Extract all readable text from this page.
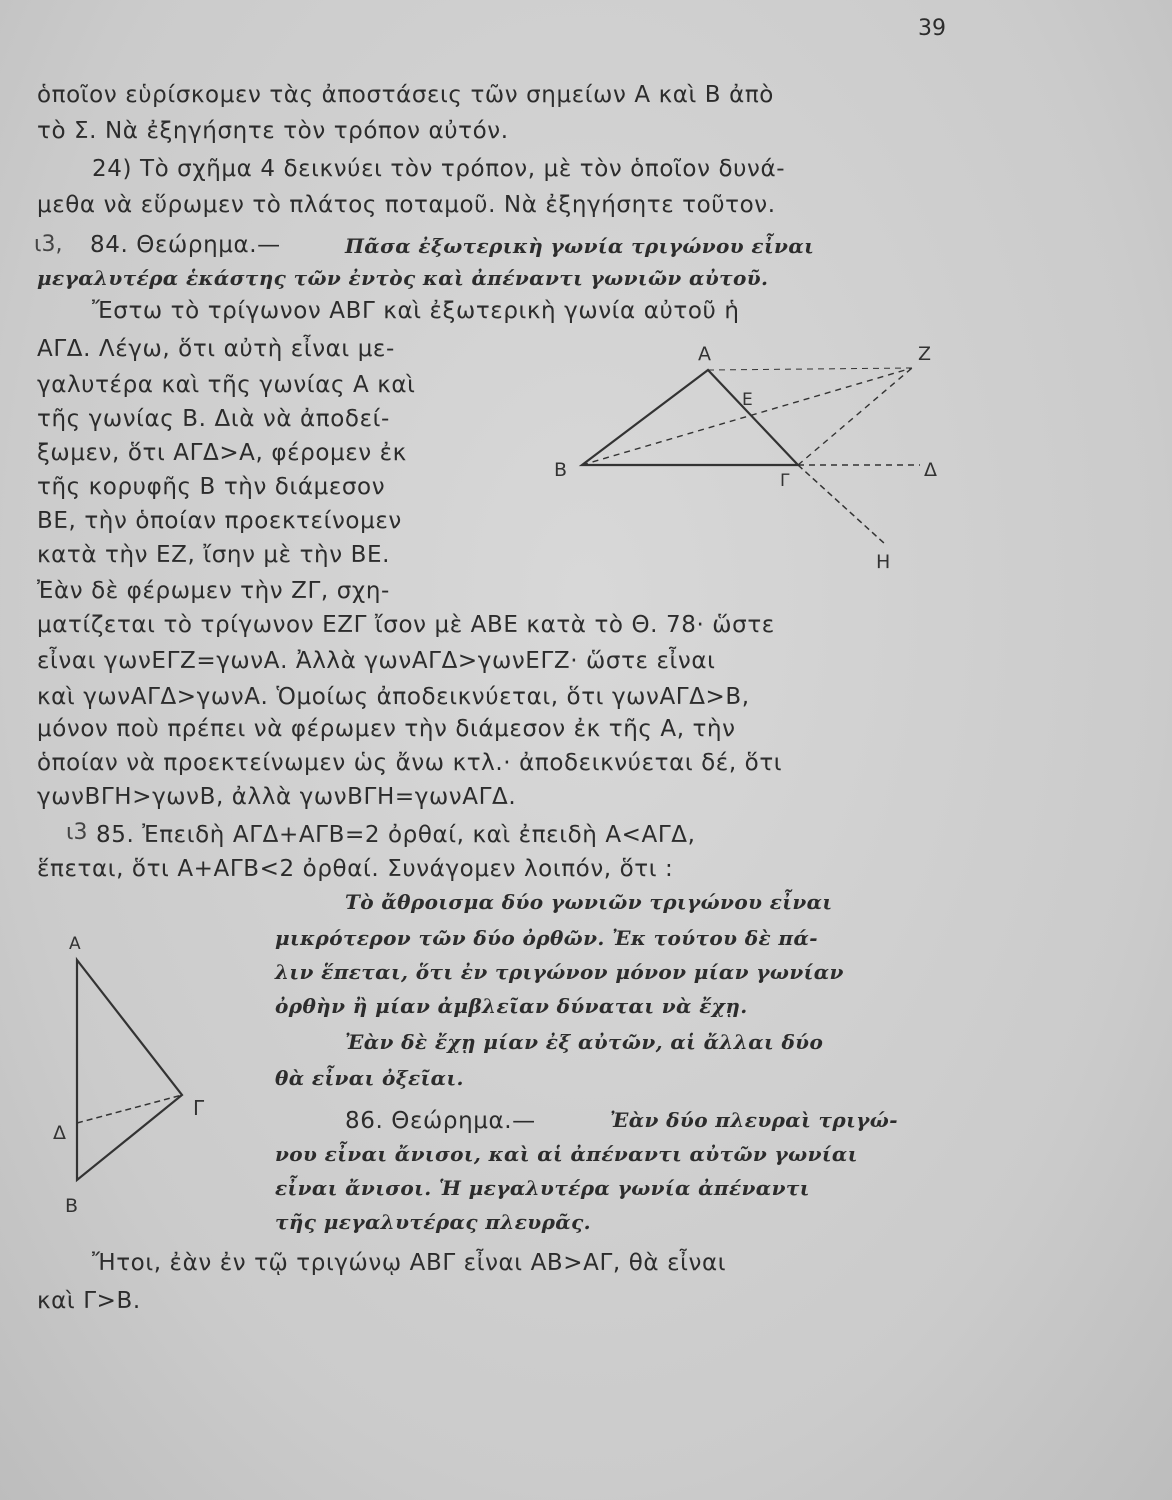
39
ι3,
ι3
ὁποῖον εὑρίσκομεν τὰς ἀποστάσεις τῶν σημείων Α καὶ Β ἀπὸ
τὸ Σ. Νὰ ἐξηγήσητε τὸν τρόπον αὐτόν.
24) Τὸ σχῆμα 4 δεικνύει τὸν τρόπον, μὲ τὸν ὁποῖον δυνά-
μεθα νὰ εὕρωμεν τὸ πλάτος ποταμοῦ. Νὰ ἐξηγήσητε τοῦτον.
84. Θεώρημα.—	Πᾶσα ἐξωτερικὴ γωνία τριγώνου εἶναι
μεγαλυτέρα ἑκάστης τῶν ἐντὸς καὶ ἀπέναντι γωνιῶν αὐτοῦ.
Ἔστω τὸ τρίγωνον ΑΒΓ καὶ ἐξωτερικὴ γωνία αὐτοῦ ἡ
ΑΓΔ. Λέγω, ὅτι αὐτὴ εἶναι με-
γαλυτέρα καὶ τῆς γωνίας Α καὶ
τῆς γωνίας Β. Διὰ νὰ ἀποδεί-
ξωμεν, ὅτι ΑΓΔ>Α, φέρομεν ἐκ
τῆς κορυφῆς Β τὴν διάμεσον
ΒΕ, τὴν ὁποίαν προεκτείνομεν
κατὰ τὴν ΕΖ, ἴσην μὲ τὴν ΒΕ.
Ἐὰν δὲ φέρωμεν τὴν ΖΓ, σχη-
ματίζεται τὸ τρίγωνον ΕΖΓ ἴσον μὲ ΑΒΕ κατὰ τὸ Θ. 78· ὥστε
εἶναι γωνΕΓΖ=γωνΑ. Ἀλλὰ γωνΑΓΔ>γωνΕΓΖ· ὥστε εἶναι
καὶ γωνΑΓΔ>γωνΑ. Ὁμοίως ἀποδεικνύεται, ὅτι γωνΑΓΔ>Β,
μόνον ποὺ πρέπει νὰ φέρωμεν τὴν διάμεσον ἐκ τῆς Α, τὴν
ὁποίαν νὰ προεκτείνωμεν ὡς ἄνω κτλ.· ἀποδεικνύεται δέ, ὅτι
γωνΒΓΗ>γωνΒ, ἀλλὰ γωνΒΓΗ=γωνΑΓΔ.
85. Ἐπειδὴ ΑΓΔ+ΑΓΒ=2 ὀρθαί, καὶ ἐπειδὴ Α<ΑΓΔ,
ἕπεται, ὅτι Α+ΑΓΒ<2 ὀρθαί. Συνάγομεν λοιπόν, ὅτι :
Τὸ ἄθροισμα δύο γωνιῶν τριγώνου εἶναι
μικρότερον τῶν δύο ὀρθῶν. Ἐκ τούτου δὲ πά-
λιν ἕπεται, ὅτι ἐν τριγώνον μόνον μίαν γωνίαν
ὀρθὴν ἢ μίαν ἀμβλεῖαν δύναται νὰ ἔχῃ.
Ἐὰν δὲ ἔχῃ μίαν ἐξ αὐτῶν, αἱ ἄλλαι δύο
θὰ εἶναι ὀξεῖαι.
86. Θεώρημα.—	Ἐὰν δύο πλευραὶ τριγώ-
νου εἶναι ἄνισοι, καὶ αἱ ἀπέναντι αὐτῶν γωνίαι
εἶναι ἄνισοι. Ἡ μεγαλυτέρα γωνία ἀπέναντι
τῆς μεγαλυτέρας πλευρᾶς.
Ἤτοι, ἐὰν ἐν τῷ τριγώνῳ ΑΒΓ εἶναι ΑΒ>ΑΓ, θὰ εἶναι
καὶ Γ>Β.
Α	Ζ
Ε
Β	Γ	Δ
Η
Α
Γ
Δ
Β
